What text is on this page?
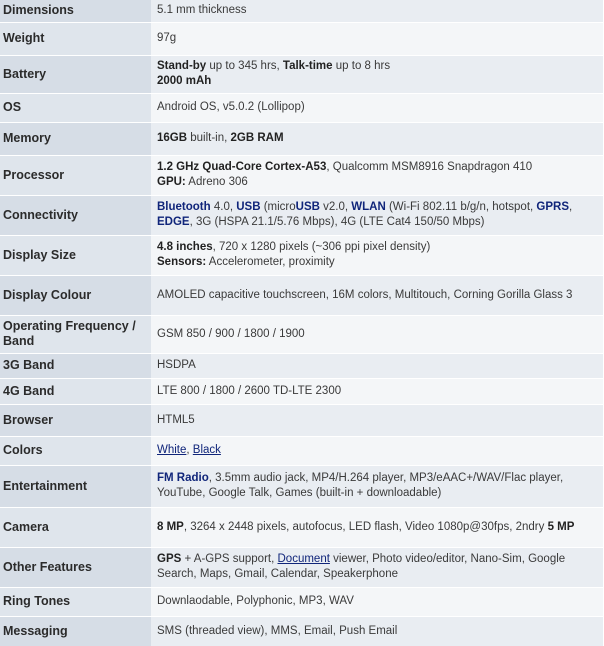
Dimensions	5.1 mm thickness

Weight	97g

Battery	Stand-by up to 345 hrs, Talk-time up to 8 hrs
2000 mAh

OS	Android OS, v5.0.2 (Lollipop)

Memory	16GB built-in, 2GB RAM

Processor	1.2 GHz Quad-Core Cortex-A53, Qualcomm MSM8916 Snapdragon 410
GPU: Adreno 306

Connectivity	Bluetooth 4.0, USB (microUSB v2.0, WLAN (Wi-Fi 802.11 b/g/n, hotspot, GPRS,
EDGE, 3G (HSPA 21.1/5.76 Mbps), 4G (LTE Cat4 150/50 Mbps)

Display Size	4.8 inches, 720 x 1280 pixels (~306 ppi pixel density)
Sensors: Accelerometer, proximity

Display Colour	AMOLED capacitive touchscreen, 16M colors, Multitouch, Corning Gorilla Glass 3

Operating Frequency / Band	GSM 850 / 900 / 1800 / 1900

3G Band	HSDPA

4G Band	LTE 800 / 1800 / 2600 TD-LTE 2300

Browser	HTML5

Colors	White, Black

Entertainment	FM Radio, 3.5mm audio jack, MP4/H.264 player, MP3/eAAC+/WAV/Flac player,
YouTube, Google Talk, Games (built-in + downloadable)

Camera	8 MP, 3264 x 2448 pixels, autofocus, LED flash, Video 1080p@30fps, 2ndry 5 MP

Other Features	GPS + A-GPS support, Document viewer, Photo video/editor, Nano-Sim, Google
Search, Maps, Gmail, Calendar, Speakerphone

Ring Tones	Downlaodable, Polyphonic, MP3, WAV

Messaging	SMS (threaded view), MMS, Email, Push Email
